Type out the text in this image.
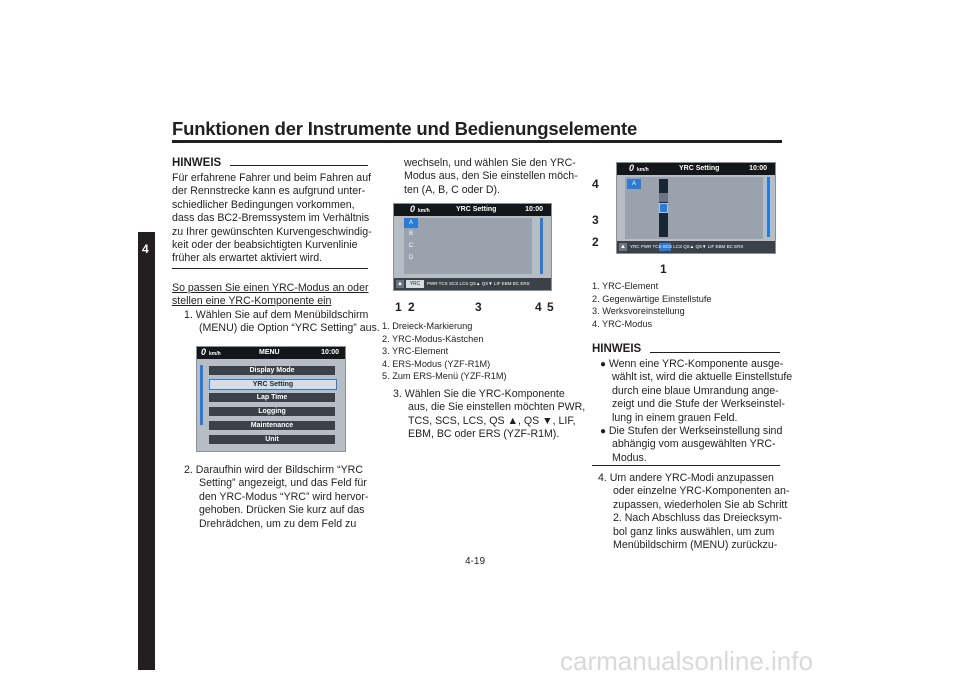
Funktionen der Instrumente und Bedienungselemente
4
HINWEIS
Für erfahrene Fahrer und beim Fahren auf
der Rennstrecke kann es aufgrund unter-
schiedlicher Bedingungen vorkommen,
dass das BC2-Bremssystem im Verhältnis
zu Ihrer gewünschten Kurvengeschwindig-
keit oder der beabsichtigten Kurvenlinie
früher als erwartet aktiviert wird.
So passen Sie einen YRC-Modus an oder
stellen eine YRC-Komponente ein
1. Wählen Sie auf dem Menübildschirm
(MENU) die Option “YRC Setting” aus.
0 km/h	MENU	10:00
Display Mode
YRC Setting
Lap Time
Logging
Maintenance
Unit
2. Daraufhin wird der Bildschirm “YRC
Setting” angezeigt, und das Feld für
den YRC-Modus “YRC” wird hervor-
gehoben. Drücken Sie kurz auf das
Drehrädchen, um zu dem Feld zu
wechseln, und wählen Sie den YRC-
Modus aus, den Sie einstellen möch-
ten (A, B, C oder D).
0 km/h	YRC Setting	10:00
A
B
C
D
▲	YRC	PWR TCS SCS LCS QS▲ QS▼ LIF EBM BC ERS
1 2	3	4 5
1. Dreieck-Markierung
2. YRC-Modus-Kästchen
3. YRC-Element
4. ERS-Modus (YZF-R1M)
5. Zum ERS-Menü (YZF-R1M)
3. Wählen Sie die YRC-Komponente
aus, die Sie einstellen möchten PWR,
TCS, SCS, LCS, QS ▲, QS ▼, LIF,
EBM, BC oder ERS (YZF-R1M).
0 km/h	YRC Setting	10:00
A
▲ YRC PWR TCS SCS LCS QS▲ QS▼ LIF EBM BC ERS
4
3
2
1
1. YRC-Element
2. Gegenwärtige Einstellstufe
3. Werksvoreinstellung
4. YRC-Modus
HINWEIS
● Wenn eine YRC-Komponente ausge-
wählt ist, wird die aktuelle Einstellstufe
durch eine blaue Umrandung ange-
zeigt und die Stufe der Werkseinstel-
lung in einem grauen Feld.
● Die Stufen der Werkseinstellung sind
abhängig vom ausgewählten YRC-
Modus.
4. Um andere YRC-Modi anzupassen
oder einzelne YRC-Komponenten an-
zupassen, wiederholen Sie ab Schritt
2. Nach Abschluss das Dreiecksym-
bol ganz links auswählen, um zum
Menübildschirm (MENU) zurückzu-
4-19
carmanualsonline.info
